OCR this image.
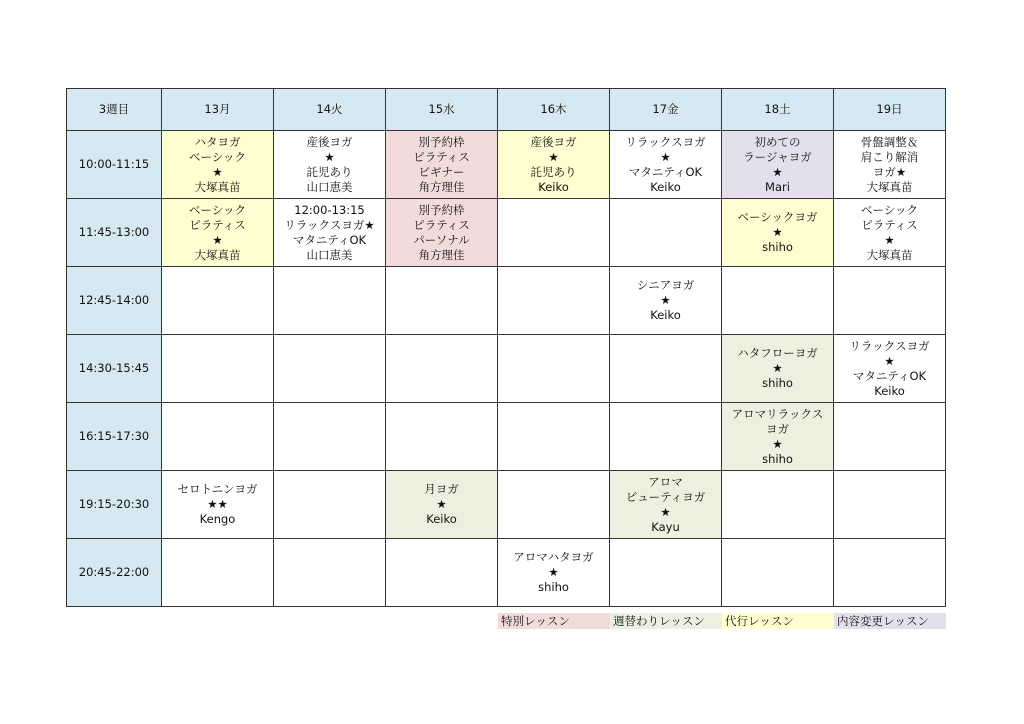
3週目	13月	14火	15水	16木	17金	18土	19日
10:00-11:15	ハタヨガ
ベーシック
★
大塚真苗	産後ヨガ
★
託児あり
山口恵美	別予約枠
ピラティス
ビギナー
角方理佳	産後ヨガ
★
託児あり
Keiko	リラックスヨガ
★
マタニティOK
Keiko	初めての
ラージャヨガ
★
Mari	骨盤調整＆
肩こり解消
ヨガ★
大塚真苗

11:45-13:00	ベーシック
ピラティス
★
大塚真苗	12:00-13:15
リラックスヨガ★
マタニティOK
山口恵美	別予約枠
ピラティス
パーソナル
角方理佳			ベーシックヨガ
★
shiho	ベーシック
ピラティス
★
大塚真苗

12:45-14:00					シニアヨガ
★
Keiko		

14:30-15:45						ハタフローヨガ
★
shiho	リラックスヨガ
★
マタニティOK
Keiko

16:15-17:30						アロマリラックス
ヨガ
★
shiho	

19:15-20:30	セロトニンヨガ
★★
Kengo		月ヨガ
★
Keiko		アロマ
ビューティヨガ
★
Kayu		

20:45-22:00				アロマハタヨガ
★
shiho			

特別レッスン	週替わりレッスン	代行レッスン	内容変更レッスン
